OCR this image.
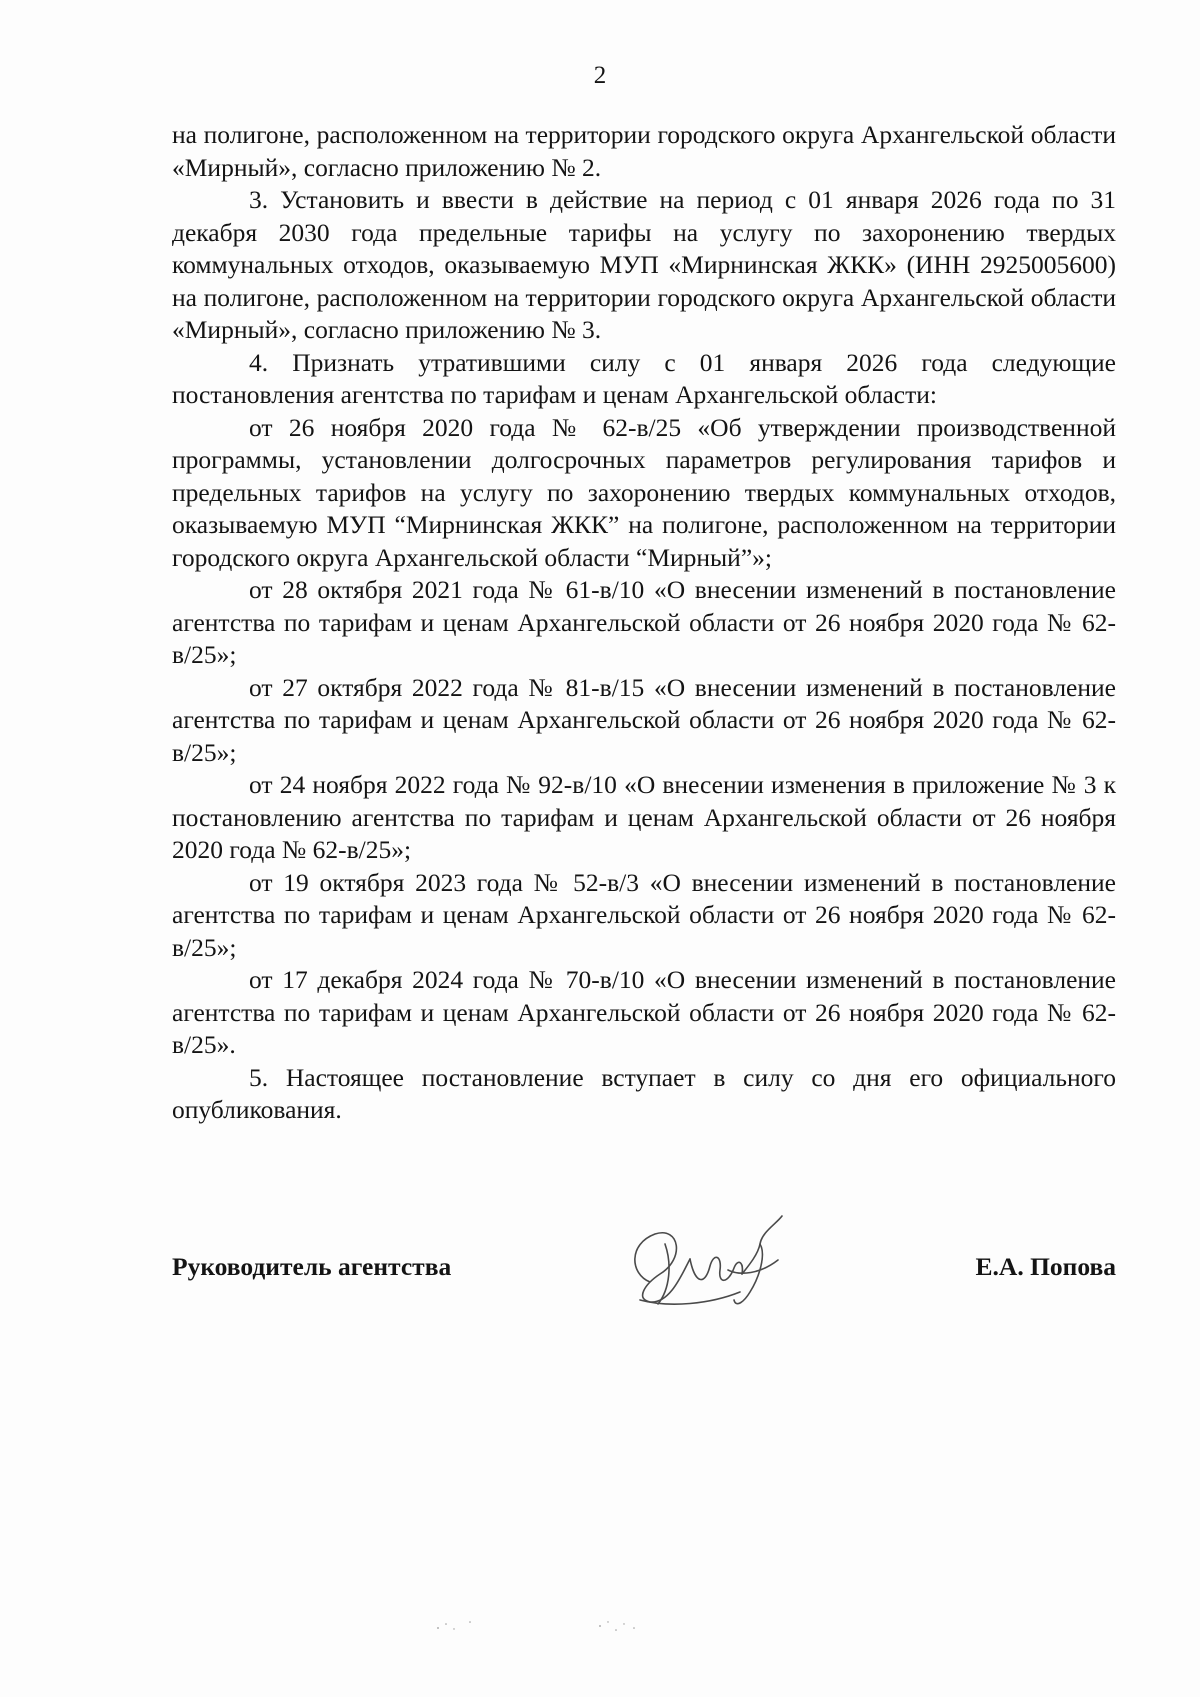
2

на полигоне, расположенном на территории городского округа Архангельской области «Мирный», согласно приложению № 2.

3. Установить и ввести в действие на период с 01 января 2026 года по 31 декабря 2030 года предельные тарифы на услугу по захоронению твердых коммунальных отходов, оказываемую МУП «Мирнинская ЖКК» (ИНН 2925005600) на полигоне, расположенном на территории городского округа Архангельской области «Мирный», согласно приложению № 3.

4. Признать утратившими силу с 01 января 2026 года следующие постановления агентства по тарифам и ценам Архангельской области:

от 26 ноября 2020 года № 62-в/25 «Об утверждении производственной программы, установлении долгосрочных параметров регулирования тарифов и предельных тарифов на услугу по захоронению твердых коммунальных отходов, оказываемую МУП “Мирнинская ЖКК” на полигоне, расположенном на территории городского округа Архангельской области “Мирный”»;

от 28 октября 2021 года № 61-в/10 «О внесении изменений в постановление агентства по тарифам и ценам Архангельской области от 26 ноября 2020 года № 62-в/25»;

от 27 октября 2022 года № 81-в/15 «О внесении изменений в постановление агентства по тарифам и ценам Архангельской области от 26 ноября 2020 года № 62-в/25»;

от 24 ноября 2022 года № 92-в/10 «О внесении изменения в приложение № 3 к постановлению агентства по тарифам и ценам Архангельской области от 26 ноября 2020 года № 62-в/25»;

от 19 октября 2023 года № 52-в/3 «О внесении изменений в постановление агентства по тарифам и ценам Архангельской области от 26 ноября 2020 года № 62-в/25»;

от 17 декабря 2024 года № 70-в/10 «О внесении изменений в постановление агентства по тарифам и ценам Архангельской области от 26 ноября 2020 года № 62-в/25».

5. Настоящее постановление вступает в силу со дня его официального опубликования.

Руководитель агентства	Е.А. Попова
